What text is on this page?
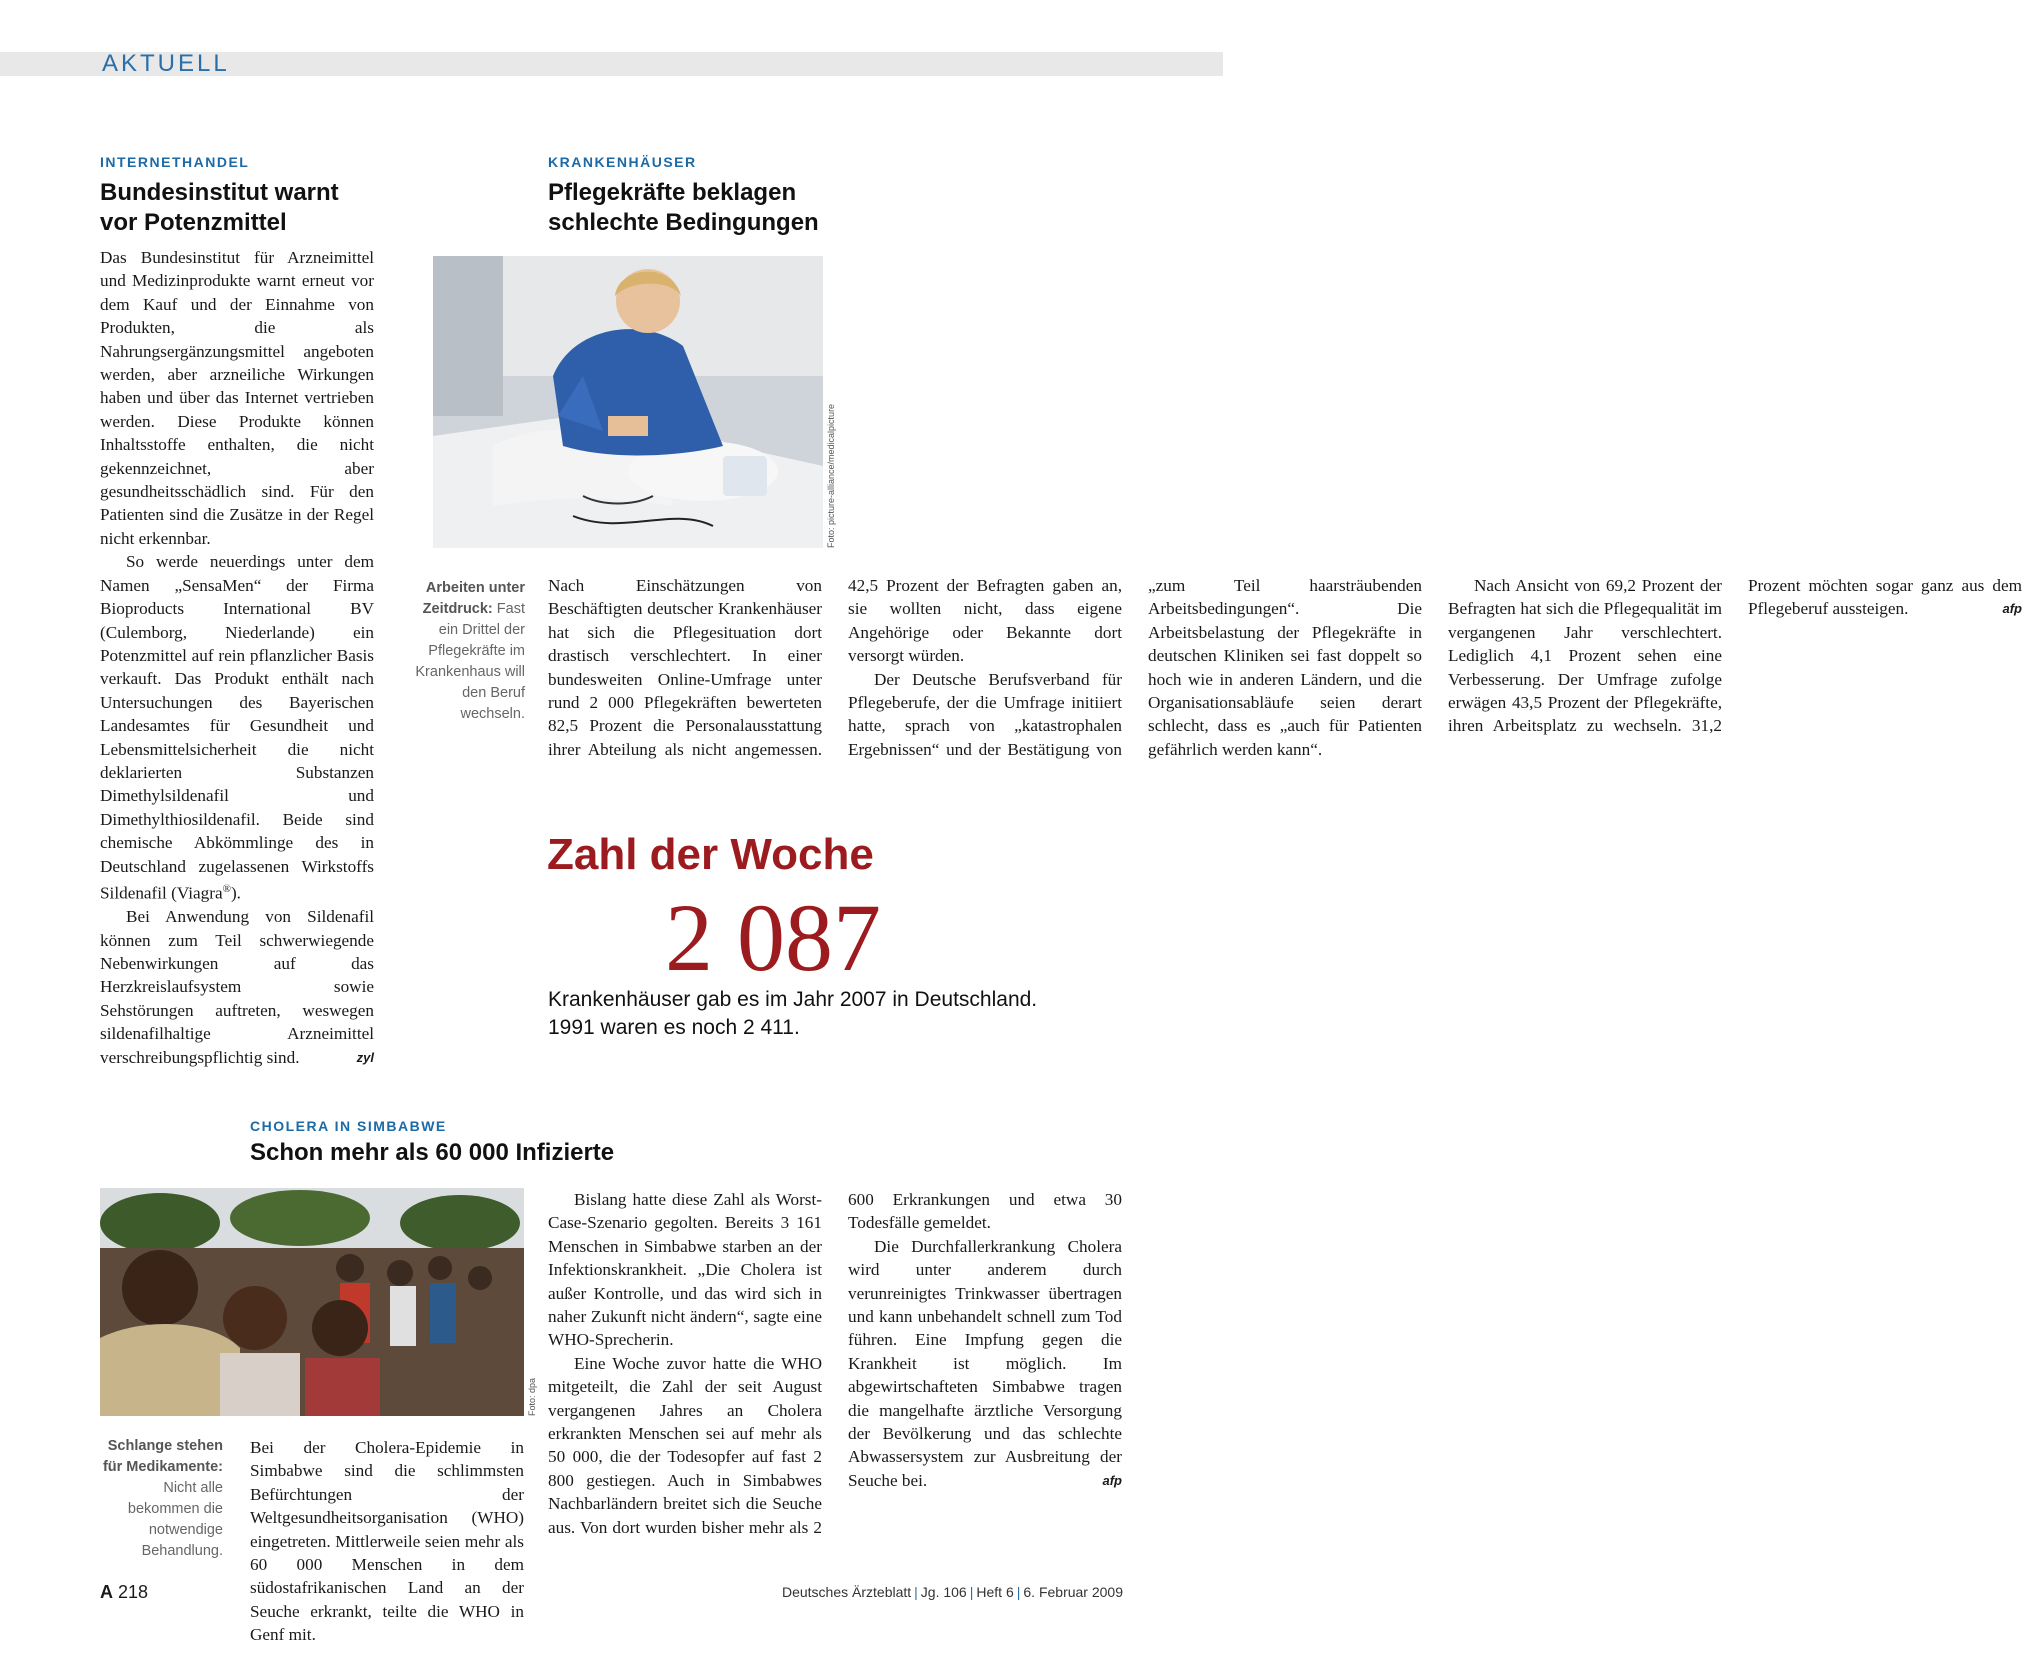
AKTUELL
INTERNETHANDEL
Bundesinstitut warnt vor Potenzmittel

Das Bundesinstitut für Arzneimittel und Medizinprodukte warnt erneut vor dem Kauf und der Einnahme von Produkten, die als Nahrungsergänzungsmittel angeboten werden, aber arzneiliche Wirkungen haben und über das Internet vertrieben werden. Diese Produkte können Inhaltsstoffe enthalten, die nicht gekennzeichnet, aber gesundheitsschädlich sind. Für den Patienten sind die Zusätze in der Regel nicht erkennbar.

So werde neuerdings unter dem Namen „SensaMen“ der Firma Bioproducts International BV (Culemborg, Niederlande) ein Potenzmittel auf rein pflanzlicher Basis verkauft. Das Produkt enthält nach Untersuchungen des Bayerischen Landesamtes für Gesundheit und Lebensmittelsicherheit die nicht deklarierten Substanzen Dimethylsildenafil und Dimethylthiosildenafil. Beide sind chemische Abkömmlinge des in Deutschland zugelassenen Wirkstoffs Sildenafil (Viagra®).

Bei Anwendung von Sildenafil können zum Teil schwerwiegende Nebenwirkungen auf das Herzkreislaufsystem sowie Sehstörungen auftreten, weswegen sildenafilhaltige Arzneimittel verschreibungspflichtig sind.	zyl

KRANKENHÄUSER
Pflegekräfte beklagen schlechte Bedingungen
Foto: picture-alliance/medicalpicture
Arbeiten unter Zeitdruck: Fast ein Drittel der Pflegekräfte im Krankenhaus will den Beruf wechseln.

Nach Einschätzungen von Beschäftigten deutscher Krankenhäuser hat sich die Pflegesituation dort drastisch verschlechtert. In einer bundesweiten Online-Umfrage unter rund 2 000 Pflegekräften bewerteten 82,5 Prozent die Personalausstattung ihrer Abteilung als nicht angemessen. 42,5 Prozent der Befragten gaben an, sie wollten nicht, dass eigene Angehörige oder Bekannte dort versorgt würden.

Der Deutsche Berufsverband für Pflegeberufe, der die Umfrage initiiert hatte, sprach von „katastrophalen Ergebnissen“ und der Bestätigung von „zum Teil haarsträubenden Arbeitsbedingungen“. Die Arbeitsbelastung der Pflegekräfte in deutschen Kliniken sei fast doppelt so hoch wie in anderen Ländern, und die Organisationsabläufe seien derart schlecht, dass es „auch für Patienten gefährlich werden kann“.

Nach Ansicht von 69,2 Prozent der Befragten hat sich die Pflegequalität im vergangenen Jahr verschlechtert. Lediglich 4,1 Prozent sehen eine Verbesserung. Der Umfrage zufolge erwägen 43,5 Prozent der Pflegekräfte, ihren Arbeitsplatz zu wechseln. 31,2 Prozent möchten sogar ganz aus dem Pflegeberuf aussteigen.	afp

Zahl der Woche
2 087
Krankenhäuser gab es im Jahr 2007 in Deutschland.
1991 waren es noch 2 411.
CHOLERA IN SIMBABWE
Schon mehr als 60 000 Infizierte
Foto: dpa
Schlange stehen für Medikamente: Nicht alle bekommen die notwendige Behandlung.

Bei der Cholera-Epidemie in Simbabwe sind die schlimmsten Befürchtungen der Weltgesundheitsorganisation (WHO) eingetreten. Mittlerweile seien mehr als 60 000 Menschen in dem südostafrikanischen Land an der Seuche erkrankt, teilte die WHO in Genf mit.

Bislang hatte diese Zahl als Worst-Case-Szenario gegolten. Bereits 3 161 Menschen in Simbabwe starben an der Infektionskrankheit. „Die Cholera ist außer Kontrolle, und das wird sich in naher Zukunft nicht ändern“, sagte eine WHO-Sprecherin.

Eine Woche zuvor hatte die WHO mitgeteilt, die Zahl der seit August vergangenen Jahres an Cholera erkrankten Menschen sei auf mehr als 50 000, die der Todesopfer auf fast 2 800 gestiegen. Auch in Simbabwes Nachbarländern breitet sich die Seuche aus. Von dort wurden bisher mehr als 2 600 Erkrankungen und etwa 30 Todesfälle gemeldet.

Die Durchfallerkrankung Cholera wird unter anderem durch verunreinigtes Trinkwasser übertragen und kann unbehandelt schnell zum Tod führen. Eine Impfung gegen die Krankheit ist möglich. Im abgewirtschafteten Simbabwe tragen die mangelhafte ärztliche Versorgung der Bevölkerung und das schlechte Abwassersystem zur Ausbreitung der Seuche bei.	afp

A 218	Deutsches Ärzteblatt | Jg. 106 | Heft 6 | 6. Februar 2009
